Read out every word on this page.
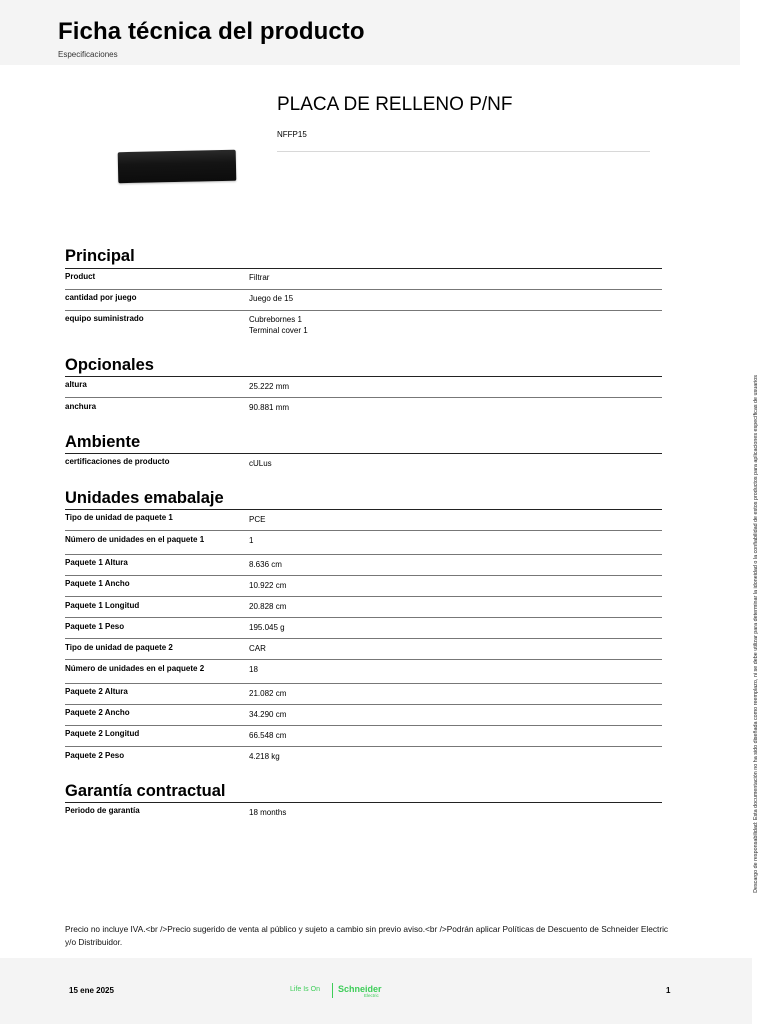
Ficha técnica del producto
Especificaciones
PLACA DE RELLENO P/NF
NFFP15
Principal
Product	Filtrar
cantidad por juego	Juego de 15
equipo suministrado	Cubrebornes 1
Terminal cover 1
Opcionales
altura	25.222 mm
anchura	90.881 mm
Ambiente
certificaciones de producto	cULus
Unidades emabalaje
Tipo de unidad de paquete 1	PCE
Número de unidades en el paquete 1	1
Paquete 1 Altura	8.636 cm
Paquete 1 Ancho	10.922 cm
Paquete 1 Longitud	20.828 cm
Paquete 1 Peso	195.045 g
Tipo de unidad de paquete 2	CAR
Número de unidades en el paquete 2	18
Paquete 2 Altura	21.082 cm
Paquete 2 Ancho	34.290 cm
Paquete 2 Longitud	66.548 cm
Paquete 2 Peso	4.218 kg
Garantía contractual
Periodo de garantía	18 months
Precio no incluye IVA.<br />Precio sugerido de venta al público y sujeto a cambio sin previo aviso.<br />Podrán aplicar Políticas de Descuento de Schneider Electric y/o Distribuidor.
Descargo de responsabilidad: Esta documentación no ha sido diseñada como reemplazo, ni se debe utilizar para determinar la idoneidad o la confiabilidad de estos productos para aplicaciones específicas de usuarios
15 ene 2025	Life Is On Schneider
Electric
1
